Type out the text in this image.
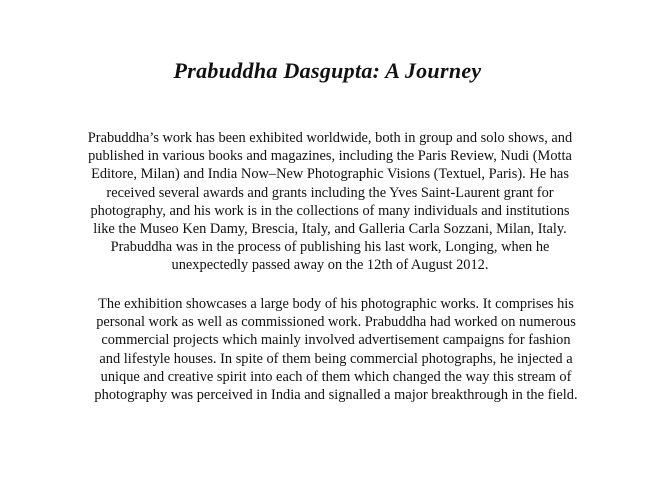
Prabuddha Dasgupta: A Journey

Prabuddha’s work has been exhibited worldwide, both in group and solo shows, and
published in various books and magazines, including the Paris Review, Nudi (Motta
Editore, Milan) and India Now–New Photographic Visions (Textuel, Paris). He has
received several awards and grants including the Yves Saint-Laurent grant for
photography, and his work is in the collections of many individuals and institutions
like the Museo Ken Damy, Brescia, Italy, and Galleria Carla Sozzani, Milan, Italy.
Prabuddha was in the process of publishing his last work, Longing, when he
unexpectedly passed away on the 12th of August 2012.

The exhibition showcases a large body of his photographic works. It comprises his
personal work as well as commissioned work. Prabuddha had worked on numerous
commercial projects which mainly involved advertisement campaigns for fashion
and lifestyle houses. In spite of them being commercial photographs, he injected a
unique and creative spirit into each of them which changed the way this stream of
photography was perceived in India and signalled a major breakthrough in the field.
